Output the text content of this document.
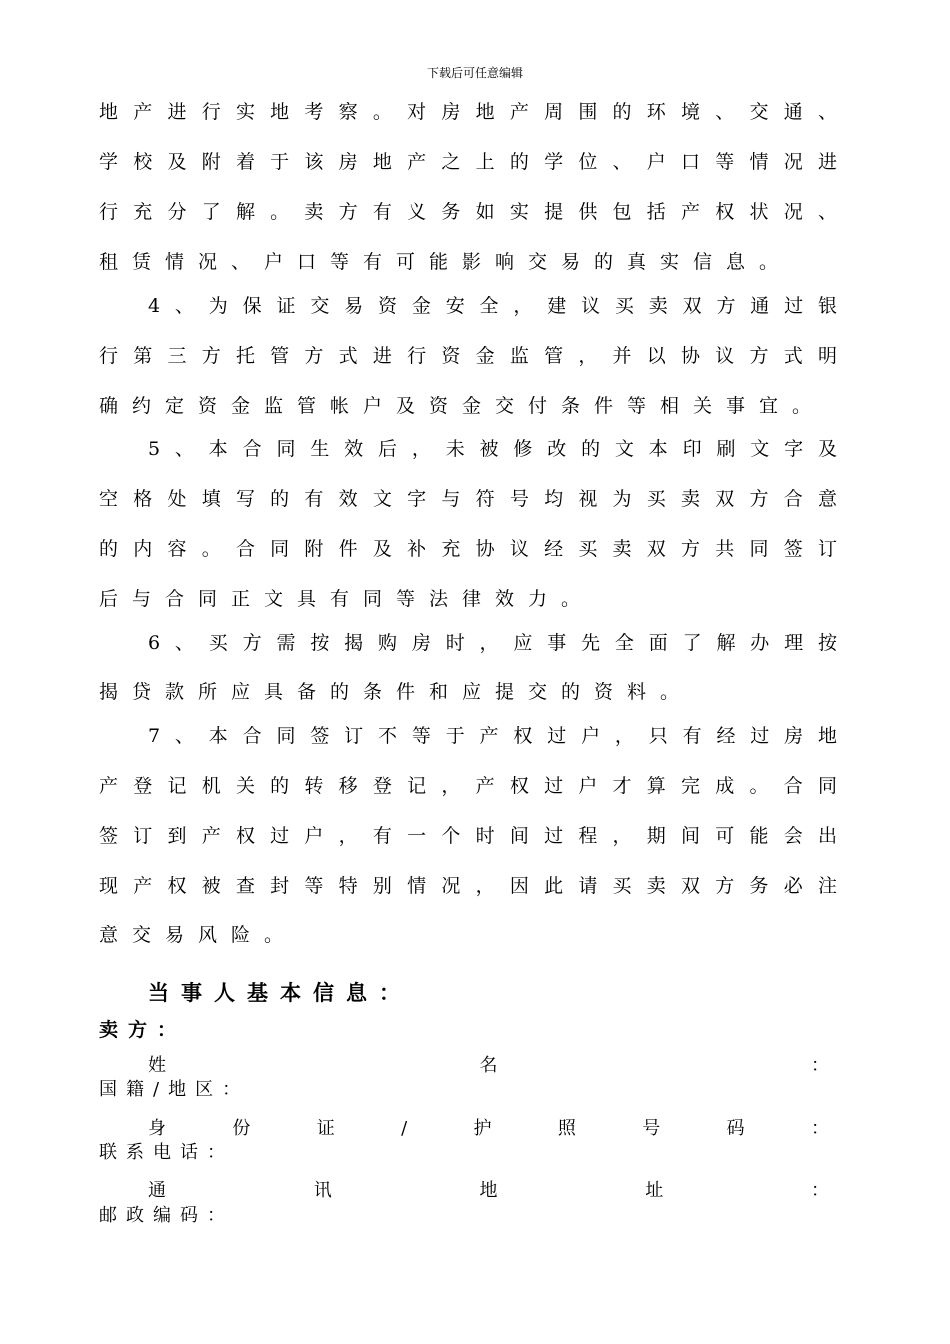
下载后可任意编辑
地产进行实地考察。对房地产周围的环境、交通、
学校及附着于该房地产之上的学位、户口等情况进
行充分了解。卖方有义务如实提供包括产权状况、
租赁情况、户口等有可能影响交易的真实信息。
4、为保证交易资金安全，建议买卖双方通过银
行第三方托管方式进行资金监管，并以协议方式明
确约定资金监管帐户及资金交付条件等相关事宜。
5、本合同生效后，未被修改的文本印刷文字及
空格处填写的有效文字与符号均视为买卖双方合意
的内容。合同附件及补充协议经买卖双方共同签订
后与合同正文具有同等法律效力。
6、买方需按揭购房时，应事先全面了解办理按
揭贷款所应具备的条件和应提交的资料。
7、本合同签订不等于产权过户，只有经过房地
产登记机关的转移登记，产权过户才算完成。合同
签订到产权过户，有一个时间过程，期间可能会出
现产权被查封等特别情况，因此请买卖双方务必注
意交易风险。
当事人基本信息：
卖方：
姓名：
国籍/地区：
身份证/护照号码：
联系电话：
通讯地址：
邮政编码：
